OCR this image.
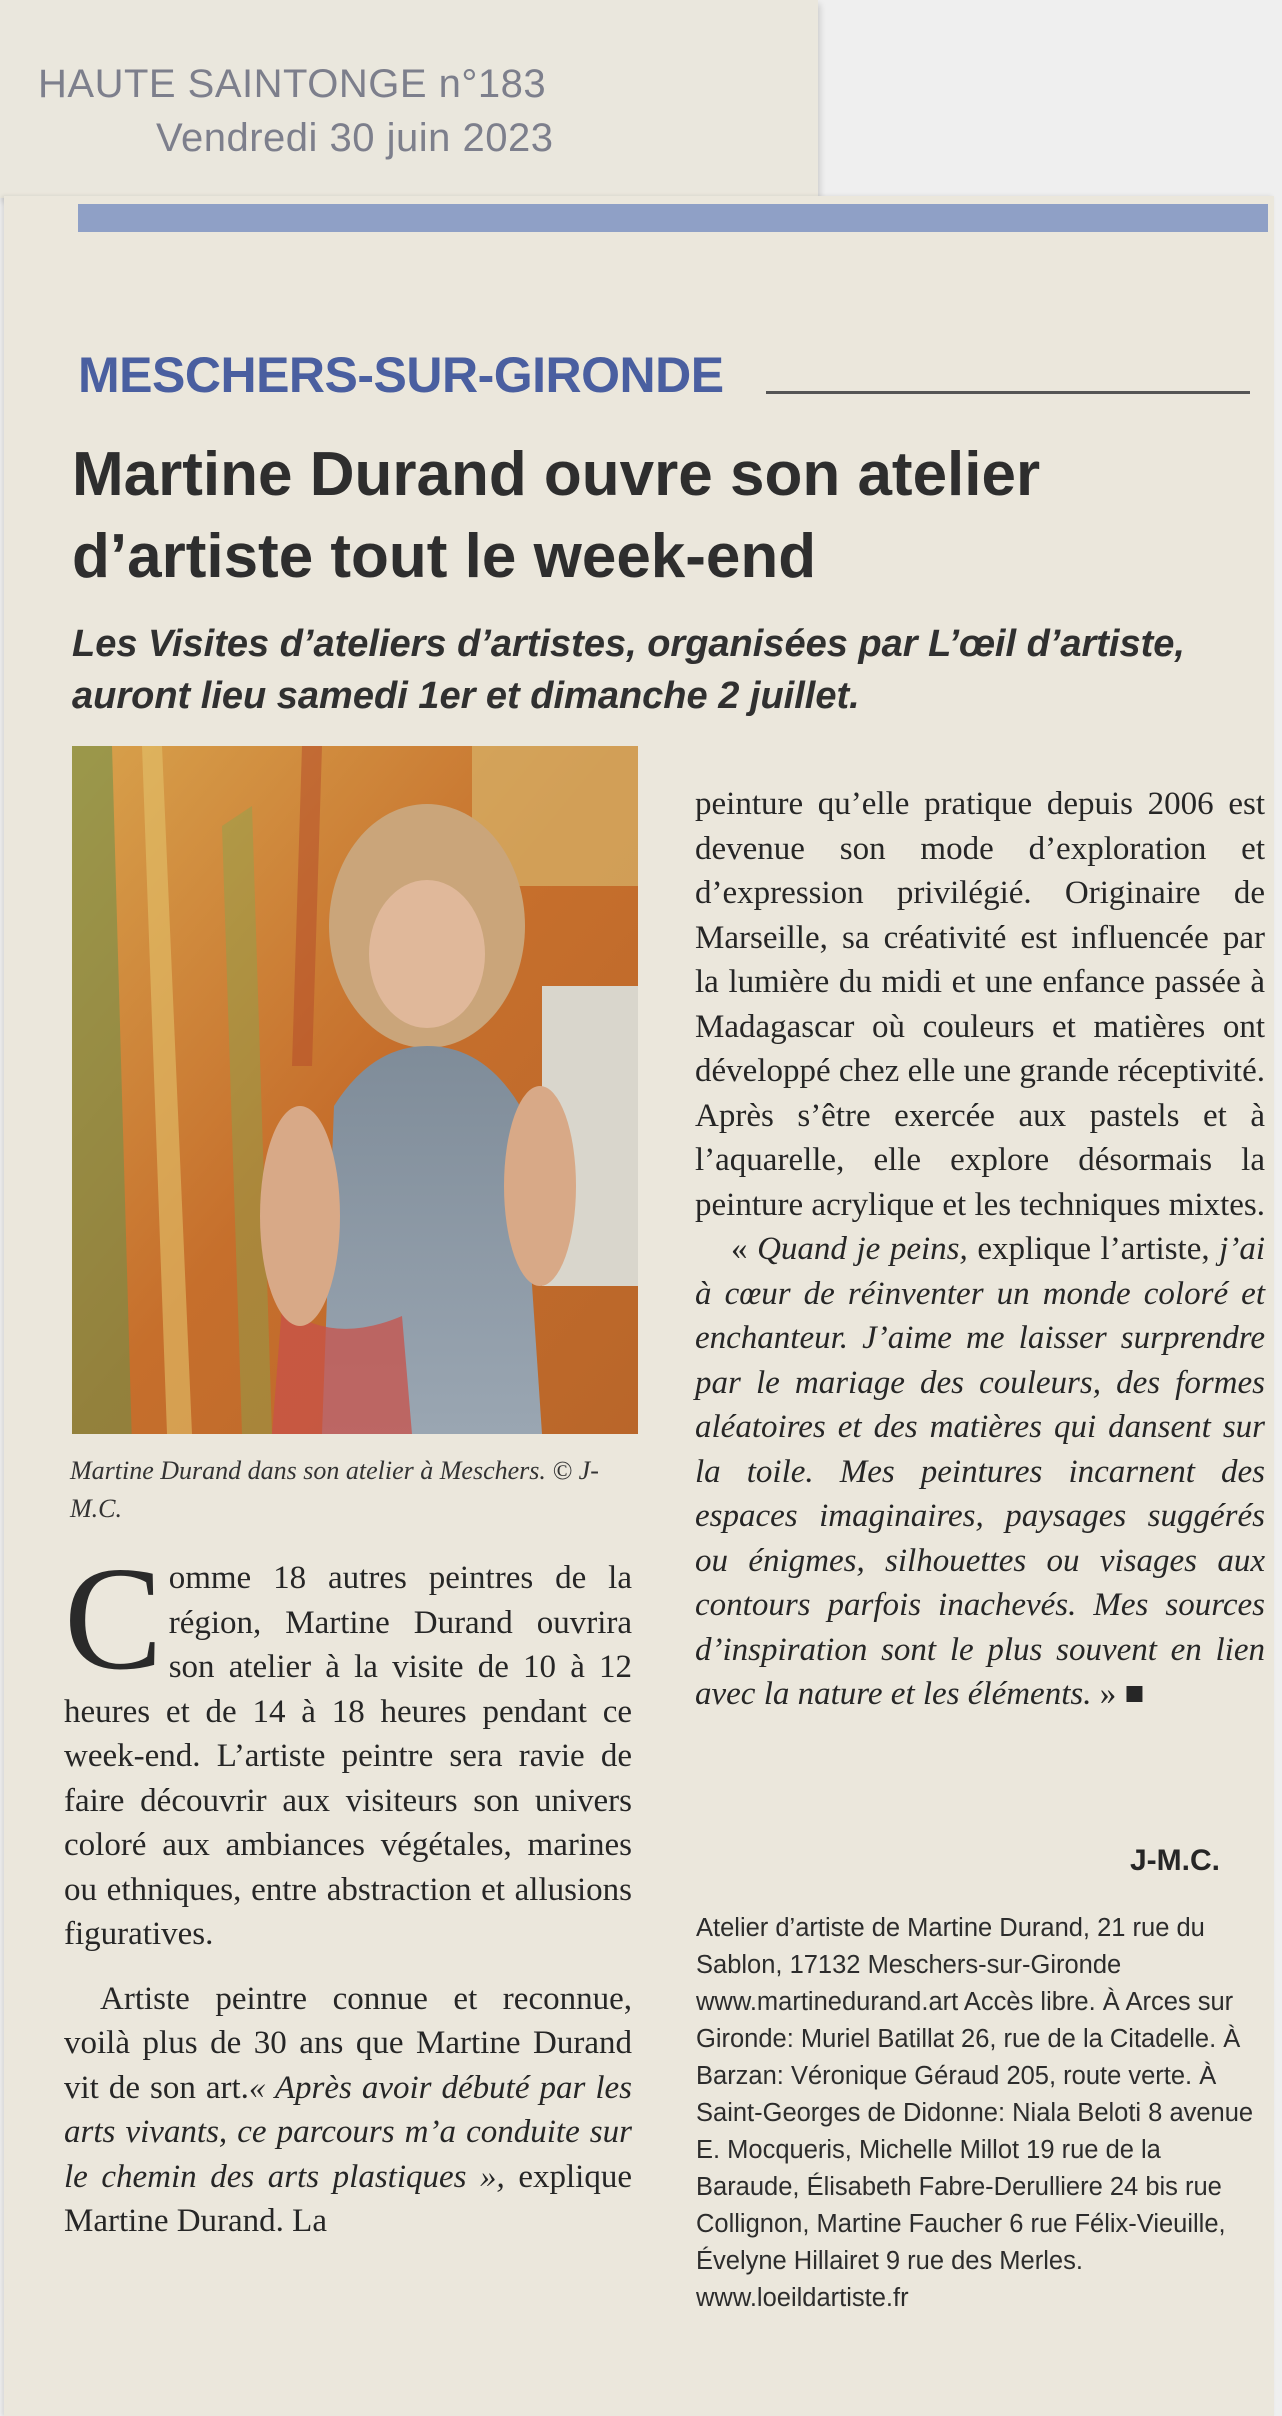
HAUTE SAINTONGE n°183
Vendredi 30 juin 2023
MESCHERS-SUR-GIRONDE
Martine Durand ouvre son atelier d’artiste tout le week-end
Les Visites d’ateliers d’artistes, organisées par L’œil d’artiste, auront lieu samedi 1er et dimanche 2 juillet.
Martine Durand dans son atelier à Meschers. © J-M.C.

Comme 18 autres peintres de la région, Martine Durand ouvrira son atelier à la visite de 10 à 12 heures et de 14 à 18 heures pendant ce week-end. L’artiste peintre sera ravie de faire découvrir aux visiteurs son univers coloré aux ambiances végétales, marines ou ethniques, entre abstraction et allusions figuratives.

Artiste peintre connue et reconnue, voilà plus de 30 ans que Martine Durand vit de son art.« Après avoir débuté par les arts vivants, ce parcours m’a conduite sur le chemin des arts plastiques », explique Martine Durand. La

peinture qu’elle pratique depuis 2006 est devenue son mode d’exploration et d’expression privilégié. Originaire de Marseille, sa créativité est influencée par la lumière du midi et une enfance passée à Madagascar où couleurs et matières ont développé chez elle une grande réceptivité. Après s’être exercée aux pastels et à l’aquarelle, elle explore désormais la peinture acrylique et les techniques mixtes.

« Quand je peins, explique l’artiste, j’ai à cœur de réinventer un monde coloré et enchanteur. J’aime me laisser surprendre par le mariage des couleurs, des formes aléatoires et des matières qui dansent sur la toile. Mes peintures incarnent des espaces imaginaires, paysages suggérés ou énigmes, silhouettes ou visages aux contours parfois inachevés. Mes sources d’inspiration sont le plus souvent en lien avec la nature et les éléments. » ■

J-M.C.

Atelier d’artiste de Martine Durand, 21 rue du Sablon, 17132 Meschers-sur-Gironde www.martinedurand.art Accès libre. À Arces sur Gironde: Muriel Batillat 26, rue de la Citadelle. À Barzan: Véronique Géraud 205, route verte. À Saint-Georges de Didonne: Niala Beloti 8 avenue E. Mocqueris, Michelle Millot 19 rue de la Baraude, Élisabeth Fabre-Derulliere 24 bis rue Collignon, Martine Faucher 6 rue Félix-Vieuille, Évelyne Hillairet 9 rue des Merles.

www.loeildartiste.fr
